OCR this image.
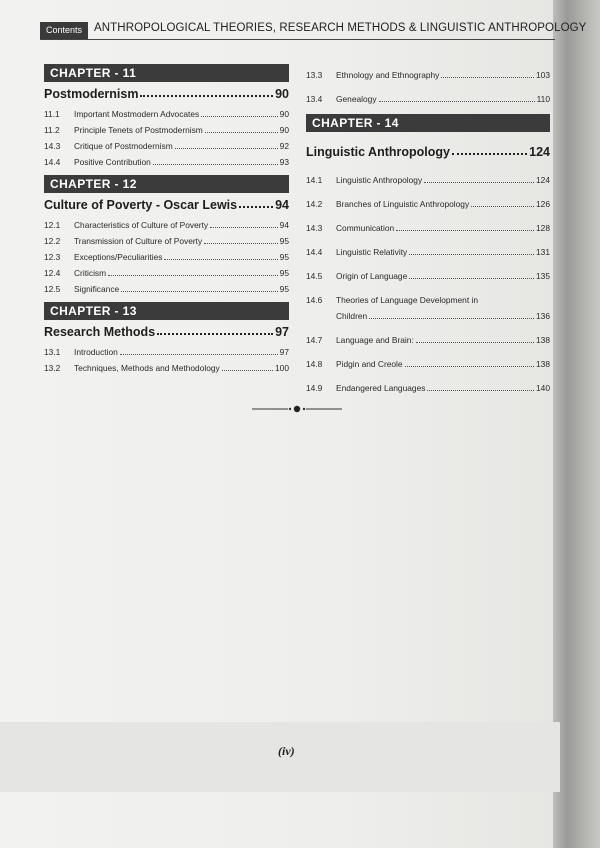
Contents	ANTHROPOLOGICAL THEORIES, RESEARCH METHODS & LINGUISTIC ANTHROPOLOGY
CHAPTER - 11
Postmodernism	90
11.1	Important Mostmodern Advocates	90
11.2	Principle Tenets of Postmodernism	90
14.3	Critique of Postmodernism	92
14.4	Positive Contribution	93
CHAPTER - 12
Culture of Poverty - Oscar Lewis	94
12.1	Characteristics of Culture of Poverty	94
12.2	Transmission of Culture of Poverty	95
12.3	Exceptions/Peculiarities	95
12.4	Criticism	95
12.5	Significance	95
CHAPTER - 13
Research Methods	97
13.1	Introduction	97
13.2	Techniques, Methods and Methodology	100
13.3	Ethnology and Ethnography	103
13.4	Genealogy	110
CHAPTER - 14
Linguistic Anthropology	124
14.1	Linguistic Anthropology	124
14.2	Branches of Linguistic Anthropology	126
14.3	Communication	128
14.4	Linguistic Relativity	131
14.5	Origin of Language	135
14.6	Theories of Language Development in
Children	136
14.7	Language and Brain:	138
14.8	Pidgin and Creole	138
14.9	Endangered Languages	140
(iv)
